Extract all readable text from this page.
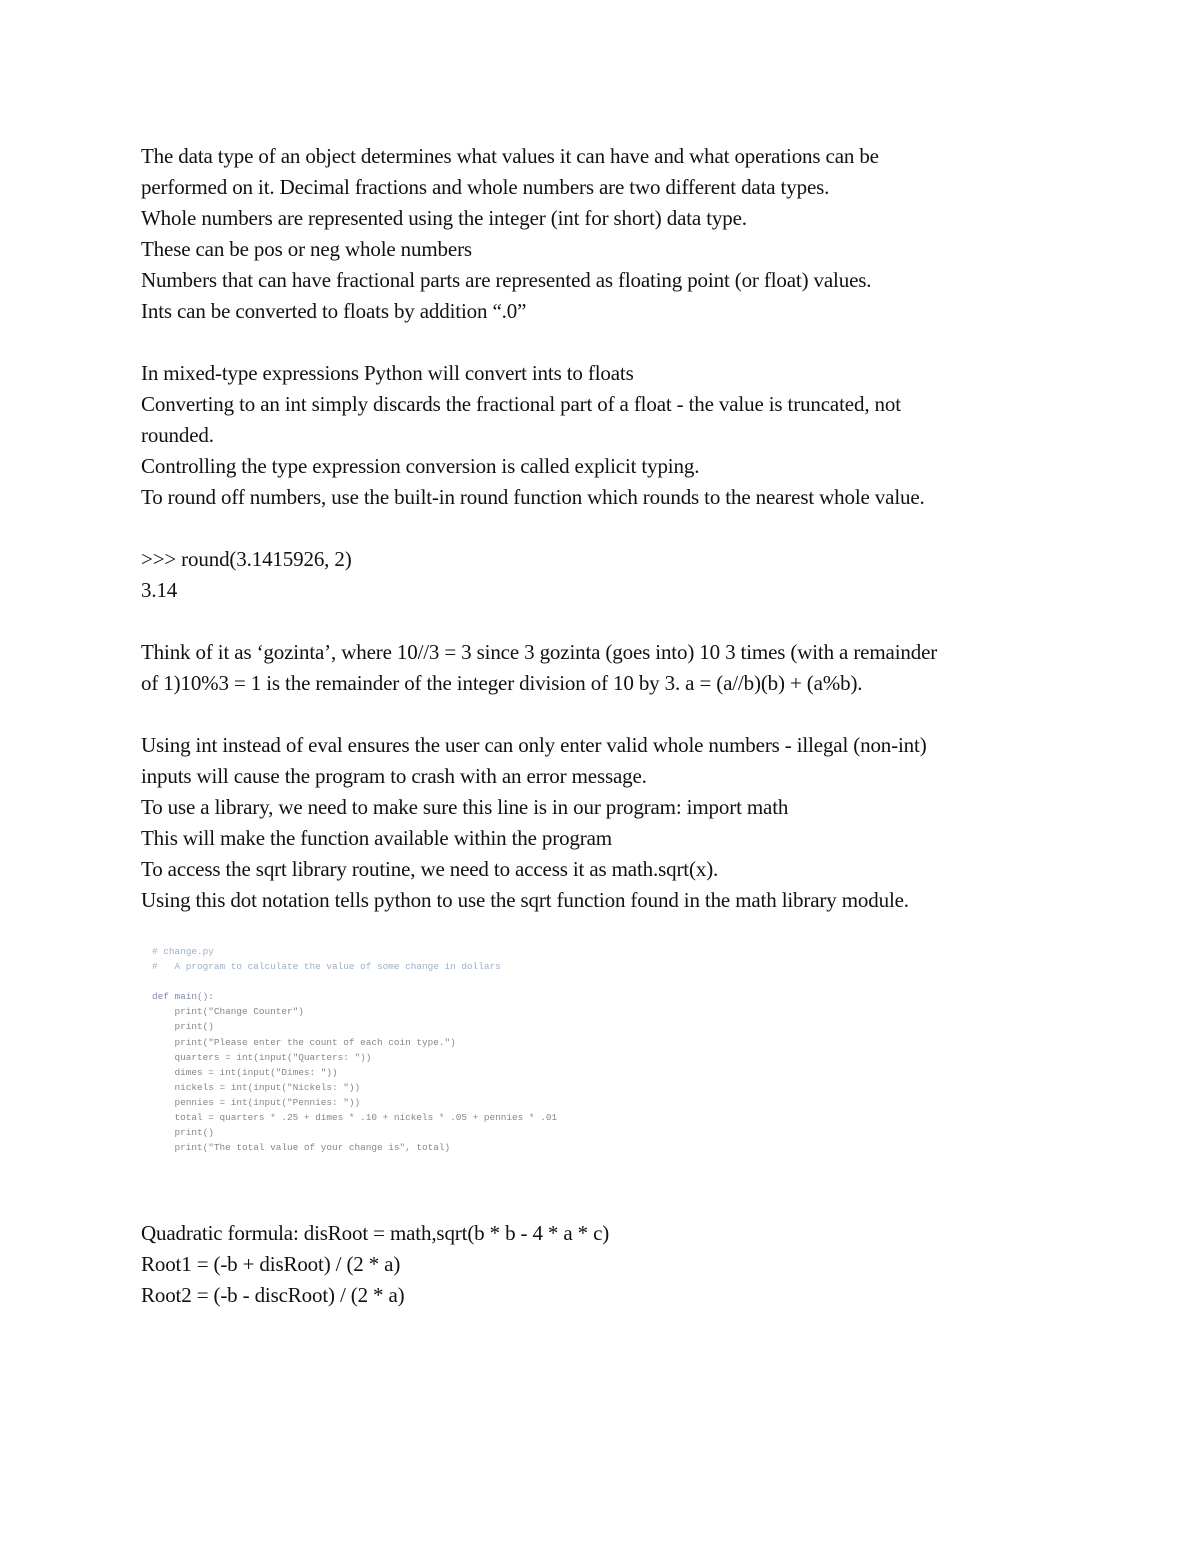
The data type of an object determines what values it can have and what operations can be
performed on it. Decimal fractions and whole numbers are two different data types.
Whole numbers are represented using the integer (int for short) data type.
These can be pos or neg whole numbers
Numbers that can have fractional parts are represented as floating point (or float) values.
Ints can be converted to floats by addition “.0”
In mixed-type expressions Python will convert ints to floats
Converting to an int simply discards the fractional part of a float - the value is truncated, not
rounded.
Controlling the type expression conversion is called explicit typing.
To round off numbers, use the built-in round function which rounds to the nearest whole value.
>>> round(3.1415926, 2)
3.14
Think of it as ‘gozinta’, where 10//3 = 3 since 3 gozinta (goes into) 10 3 times (with a remainder
of 1)10%3 = 1 is the remainder of the integer division of 10 by 3. a = (a//b)(b) + (a%b).
Using int instead of eval ensures the user can only enter valid whole numbers - illegal (non-int)
inputs will cause the program to crash with an error message.
To use a library, we need to make sure this line is in our program: import math
This will make the function available within the program
To access the sqrt library routine, we need to access it as math.sqrt(x).
Using this dot notation tells python to use the sqrt function found in the math library module.
# change.py
#   A program to calculate the value of some change in dollars

def main():
print("Change Counter")
print()
print("Please enter the count of each coin type.")
quarters = int(input("Quarters: "))
dimes = int(input("Dimes: "))
nickels = int(input("Nickels: "))
pennies = int(input("Pennies: "))
total = quarters * .25 + dimes * .10 + nickels * .05 + pennies * .01
print()
print("The total value of your change is", total)
Quadratic formula: disRoot = math,sqrt(b * b - 4 * a * c)
Root1 = (-b + disRoot) / (2 * a)
Root2 = (-b - discRoot) / (2 * a)
